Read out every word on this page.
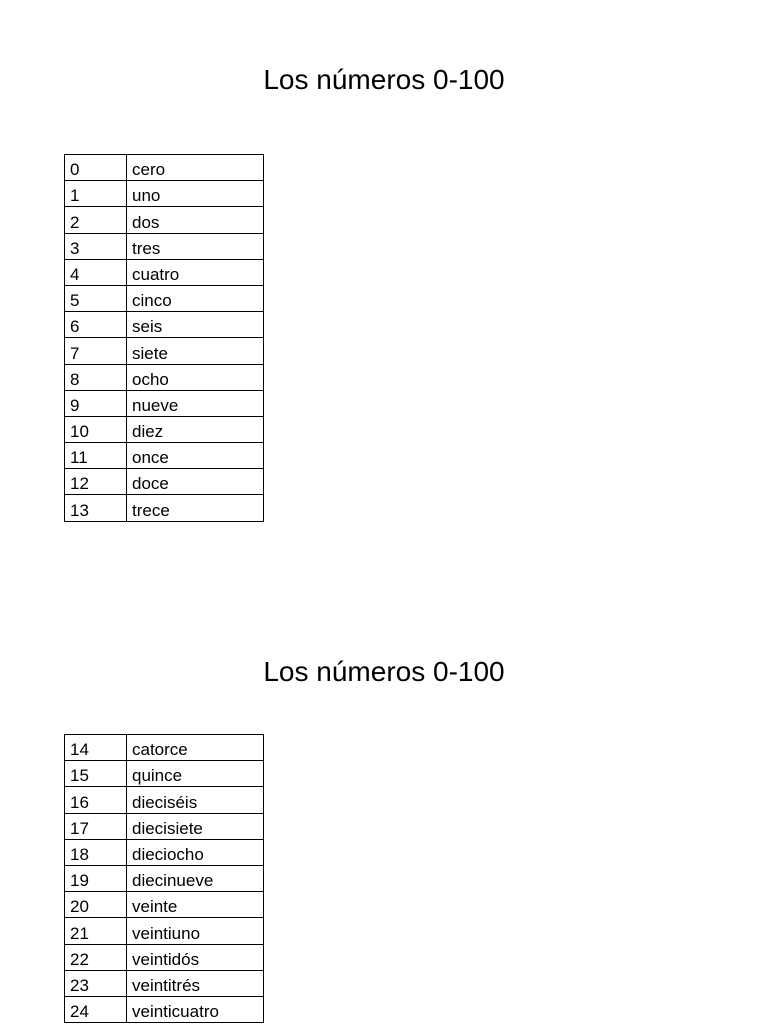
Los números 0-100
0	cero
1	uno
2	dos
3	tres
4	cuatro
5	cinco
6	seis
7	siete
8	ocho
9	nueve
10	diez
11	once
12	doce
13	trece
Los números 0-100
14	catorce
15	quince
16	dieciséis
17	diecisiete
18	dieciocho
19	diecinueve
20	veinte
21	veintiuno
22	veintidós
23	veintitrés
24	veinticuatro
